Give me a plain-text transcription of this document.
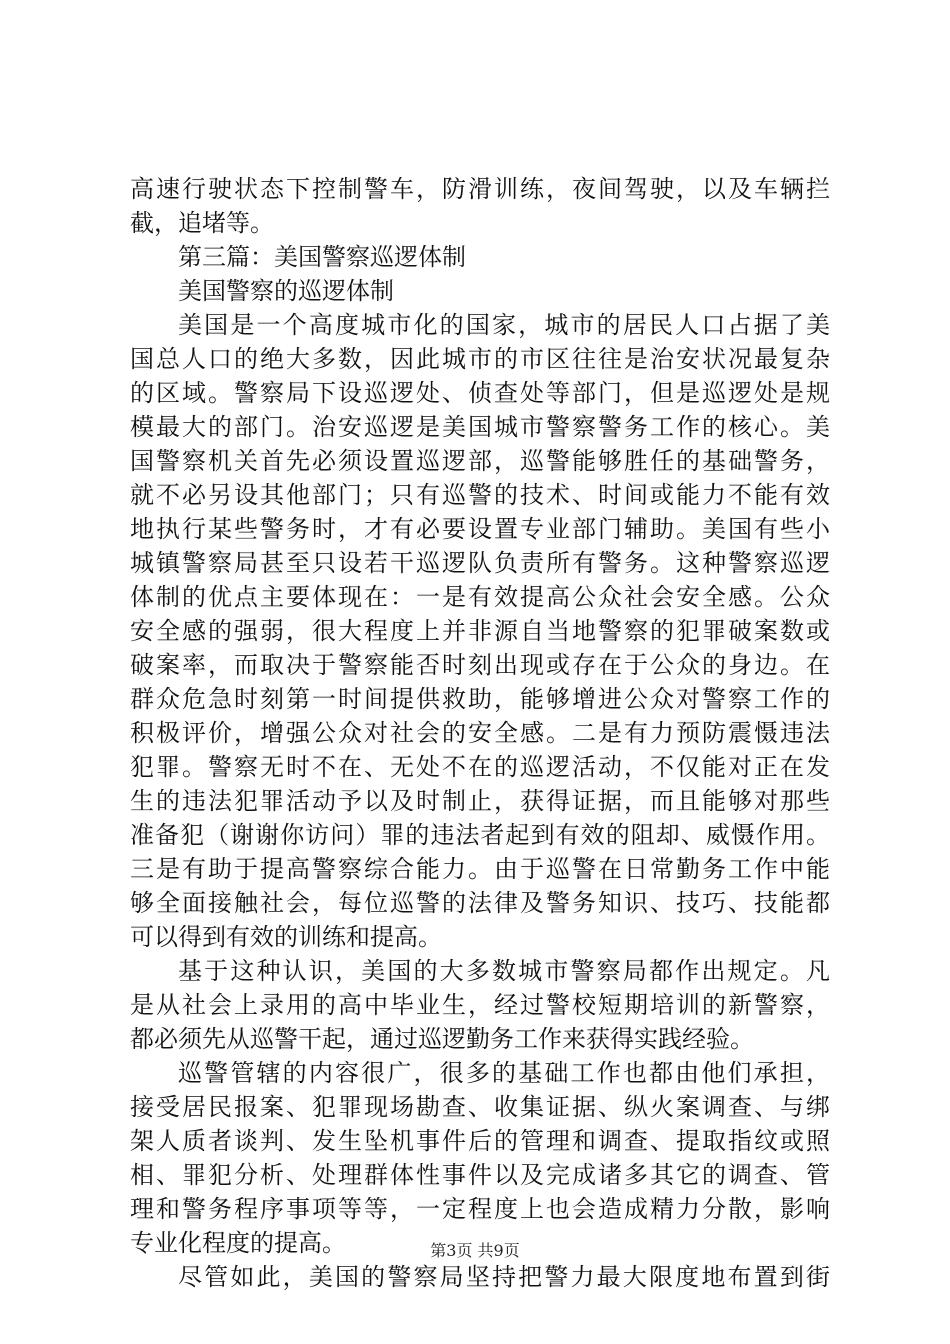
高速行驶状态下控制警车，防滑训练，夜间驾驶，以及车辆拦
截，追堵等。
第三篇：美国警察巡逻体制
美国警察的巡逻体制
美国是一个高度城市化的国家，城市的居民人口占据了美
国总人口的绝大多数，因此城市的市区往往是治安状况最复杂
的区域。警察局下设巡逻处、侦查处等部门，但是巡逻处是规
模最大的部门。治安巡逻是美国城市警察警务工作的核心。美
国警察机关首先必须设置巡逻部，巡警能够胜任的基础警务，
就不必另设其他部门；只有巡警的技术、时间或能力不能有效
地执行某些警务时，才有必要设置专业部门辅助。美国有些小
城镇警察局甚至只设若干巡逻队负责所有警务。这种警察巡逻
体制的优点主要体现在：一是有效提高公众社会安全感。公众
安全感的强弱，很大程度上并非源自当地警察的犯罪破案数或
破案率，而取决于警察能否时刻出现或存在于公众的身边。在
群众危急时刻第一时间提供救助，能够增进公众对警察工作的
积极评价，增强公众对社会的安全感。二是有力预防震慑违法
犯罪。警察无时不在、无处不在的巡逻活动，不仅能对正在发
生的违法犯罪活动予以及时制止，获得证据，而且能够对那些
准备犯（谢谢你访问）罪的违法者起到有效的阻却、威慑作用。
三是有助于提高警察综合能力。由于巡警在日常勤务工作中能
够全面接触社会，每位巡警的法律及警务知识、技巧、技能都
可以得到有效的训练和提高。
基于这种认识，美国的大多数城市警察局都作出规定。凡
是从社会上录用的高中毕业生，经过警校短期培训的新警察，
都必须先从巡警干起，通过巡逻勤务工作来获得实践经验。
巡警管辖的内容很广，很多的基础工作也都由他们承担，
接受居民报案、犯罪现场勘查、收集证据、纵火案调查、与绑
架人质者谈判、发生坠机事件后的管理和调查、提取指纹或照
相、罪犯分析、处理群体性事件以及完成诸多其它的调查、管
理和警务程序事项等等，一定程度上也会造成精力分散，影响
专业化程度的提高。
尽管如此，美国的警察局坚持把警力最大限度地布置到街
第3页 共9页
